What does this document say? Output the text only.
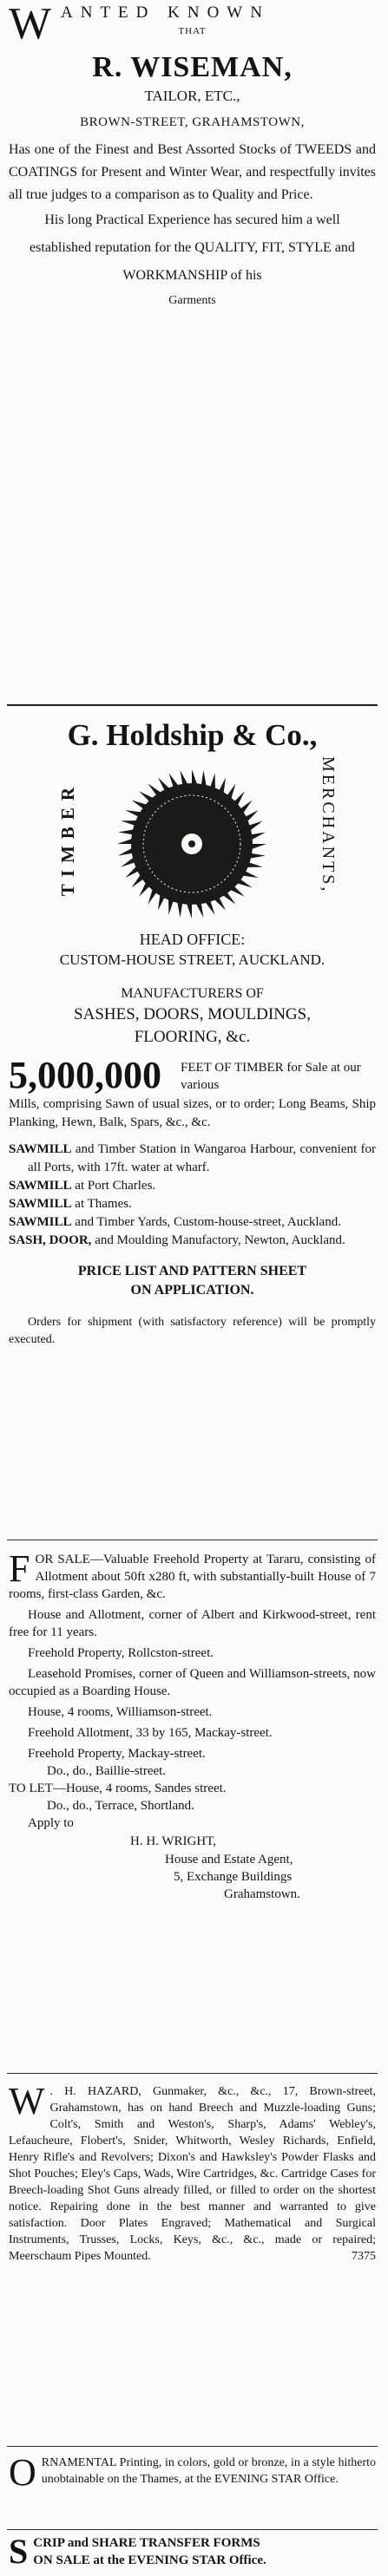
W ANTED KNOWN
THAT
R. WISEMAN,
TAILOR, ETC.,
BROWN-STREET, GRAHAMSTOWN,
Has one of the Finest and Best Assorted Stocks of TWEEDS and COATINGS for Present and Winter Wear, and respectfully invites all true judges to a comparison as to Quality and Price.
His long Practical Experience has secured him a well established reputation for the QUALITY, FIT, STYLE and WORKMANSHIP of his
Garments
G. Holdship & Co.,
TIMBER	MERCHANTS,
HEAD OFFICE:
CUSTOM-HOUSE STREET, AUCKLAND.
MANUFACTURERS OF
SASHES, DOORS, MOULDINGS,
FLOORING, &c.
5,000,000 FEET OF TIMBER for Sale at our various
Mills, comprising Sawn of usual sizes, or to order; Long Beams, Ship Planking, Hewn, Balk, Spars, &c., &c.
SAWMILL and Timber Station in Wangaroa Harbour, convenient for all Ports, with 17ft. water at wharf.
SAWMILL at Port Charles.
SAWMILL at Thames.
SAWMILL and Timber Yards, Custom-house-street, Auckland.
SASH, DOOR, and Moulding Manufactory, Newton, Auckland.
PRICE LIST AND PATTERN SHEET
ON APPLICATION.
Orders for shipment (with satisfactory reference) will be promptly executed.
FOR SALE—Valuable Freehold Property at Tararu, consisting of Allotment about 50ft x280 ft, with substantially-built House of 7 rooms, first-class Garden, &c.
House and Allotment, corner of Albert and Kirkwood-street, rent free for 11 years.
Freehold Property, Rollcston-street.
Leasehold Promises, corner of Queen and Williamson-streets, now occupied as a Boarding House.
House, 4 rooms, Williamson-street.
Freehold Allotment, 33 by 165, Mackay-street.
Freehold Property, Mackay-street.
Do., do., Baillie-street.
TO LET—House, 4 rooms, Sandes street.
Do., do., Terrace, Shortland.
Apply to
H. H. WRIGHT,
House and Estate Agent,
5, Exchange Buildings
Grahamstown.
W . H. HAZARD, Gunmaker, &c., &c., 17, Brown-street, Grahamstown, has on hand Breech and Muzzle-loading Guns; Colt's, Smith and Weston's, Sharp's, Adams' Webley's, Lefaucheure, Flobert's, Snider, Whitworth, Wesley Richards, Enfield, Henry Rifle's and Revolvers; Dixon's and Hawksley's Powder Flasks and Shot Pouches; Eley's Caps, Wads, Wire Cartridges, &c. Cartridge Cases for Breech-loading Shot Guns already filled, or filled to order on the shortest notice. Repairing done in the best manner and warranted to give satisfaction. Door Plates Engraved; Mathematical and Surgical Instruments, Trusses, Locks, Keys, &c., &c., made or repaired; Meerschaum Pipes Mounted.	7375
ORNAMENTAL Printing, in colors, gold or bronze, in a style hitherto unobtainable on the Thames, at the EVENING STAR Office.
SCRIP and SHARE TRANSFER FORMS
ON SALE at the EVENING STAR Office.
